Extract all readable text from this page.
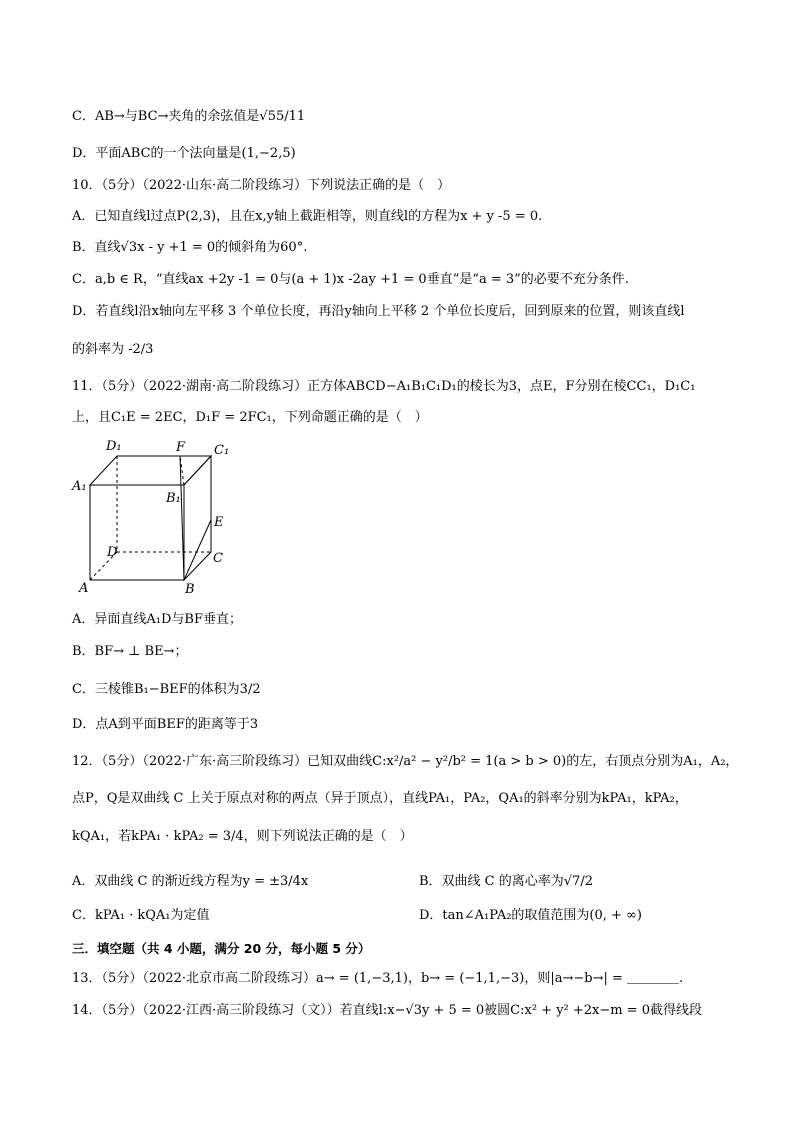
C．AB→与BC→夹角的余弦值是√55/11
D．平面ABC的一个法向量是(1,−2,5)
10．（5分）（2022·山东·高二阶段练习）下列说法正确的是（　）
A．已知直线l过点P(2,3)，且在x,y轴上截距相等，则直线l的方程为x + y -5 = 0.
B．直线√3x - y +1 = 0的倾斜角为60°.
C．a,b ∈ R，“直线ax +2y -1 = 0与(a + 1)x -2ay +1 = 0垂直”是“a = 3”的必要不充分条件.
D．若直线l沿x轴向左平移 3 个单位长度，再沿y轴向上平移 2 个单位长度后，回到原来的位置，则该直线l
的斜率为 -2/3
11．（5分）（2022·湖南·高二阶段练习）正方体ABCD−A₁B₁C₁D₁的棱长为3，点E，F分别在棱CC₁，D₁C₁
上，且C₁E = 2EC，D₁F = 2FC₁，下列命题正确的是（　）
D₁	F C₁
A₁
B₁
E
D	C
A	B
A．异面直线A₁D与BF垂直；
B．BF→ ⊥ BE→；
C．三棱锥B₁−BEF的体积为3/2
D．点A到平面BEF的距离等于3
12．（5分）（2022·广东·高三阶段练习）已知双曲线C:x²/a² − y²/b² = 1(a > b > 0)的左，右顶点分别为A₁，A₂，
点P，Q是双曲线 C 上关于原点对称的两点（异于顶点），直线PA₁，PA₂，QA₁的斜率分别为kPA₁，kPA₂，
kQA₁，若kPA₁ · kPA₂ = 3/4，则下列说法正确的是（　）
A．双曲线 C 的渐近线方程为y = ±3/4x	B．双曲线 C 的离心率为√7/2
C．kPA₁ · kQA₁为定值	D．tan∠A₁PA₂的取值范围为(0, + ∞)
三．填空题（共 4 小题，满分 20 分，每小题 5 分）
13．（5分）（2022·北京市高二阶段练习）a→ = (1,−3,1)，b→ = (−1,1,−3)，则|a→−b→| = ＿＿＿＿.
14．（5分）（2022·江西·高三阶段练习（文））若直线l:x−√3y + 5 = 0被圆C:x² + y² +2x−m = 0截得线段
